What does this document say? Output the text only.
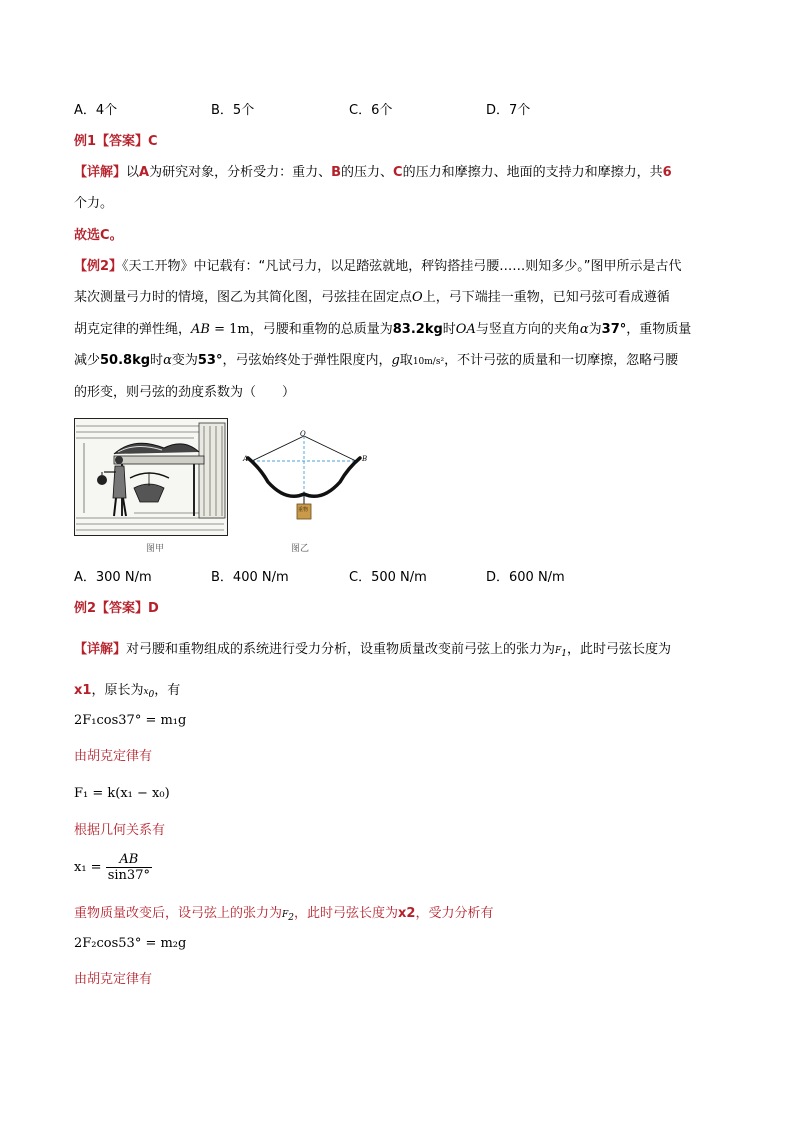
A．4个	B．5个	C．6个	D．7个
例1【答案】C
【详解】以A为研究对象，分析受力：重力、B的压力、C的压力和摩擦力、地面的支持力和摩擦力，共6
个力。
故选C。
【例2】《天工开物》中记载有：“凡试弓力，以足踏弦就地，秤钩搭挂弓腰……则知多少。”图甲所示是古代
某次测量弓力时的情境，图乙为其简化图，弓弦挂在固定点O上，弓下端挂一重物，已知弓弦可看成遵循
胡克定律的弹性绳，AB = 1m，弓腰和重物的总质量为83.2kg时OA与竖直方向的夹角α为37°，重物质量
减少50.8kg时α变为53°，弓弦始终处于弹性限度内，g取10m/s²，不计弓弦的质量和一切摩擦，忽略弓腰
的形变，则弓弦的劲度系数为（　　）
图甲
O
A	B
重物
图乙
A．300 N/m	B．400 N/m	C．500 N/m	D．600 N/m
例2【答案】D
【详解】对弓腰和重物组成的系统进行受力分析，设重物质量改变前弓弦上的张力为$F_1$，此时弓弦长度为
x1，原长为$x_0$，有
2F₁cos37° = m₁g
由胡克定律有
F₁ = k(x₁ − x₀)
根据几何关系有
$x_1 = \frac{AB}{\sin 37^\circ}$
重物质量改变后，设弓弦上的张力为$F_2$，此时弓弦长度为x2，受力分析有
2F₂cos53° = m₂g
由胡克定律有
